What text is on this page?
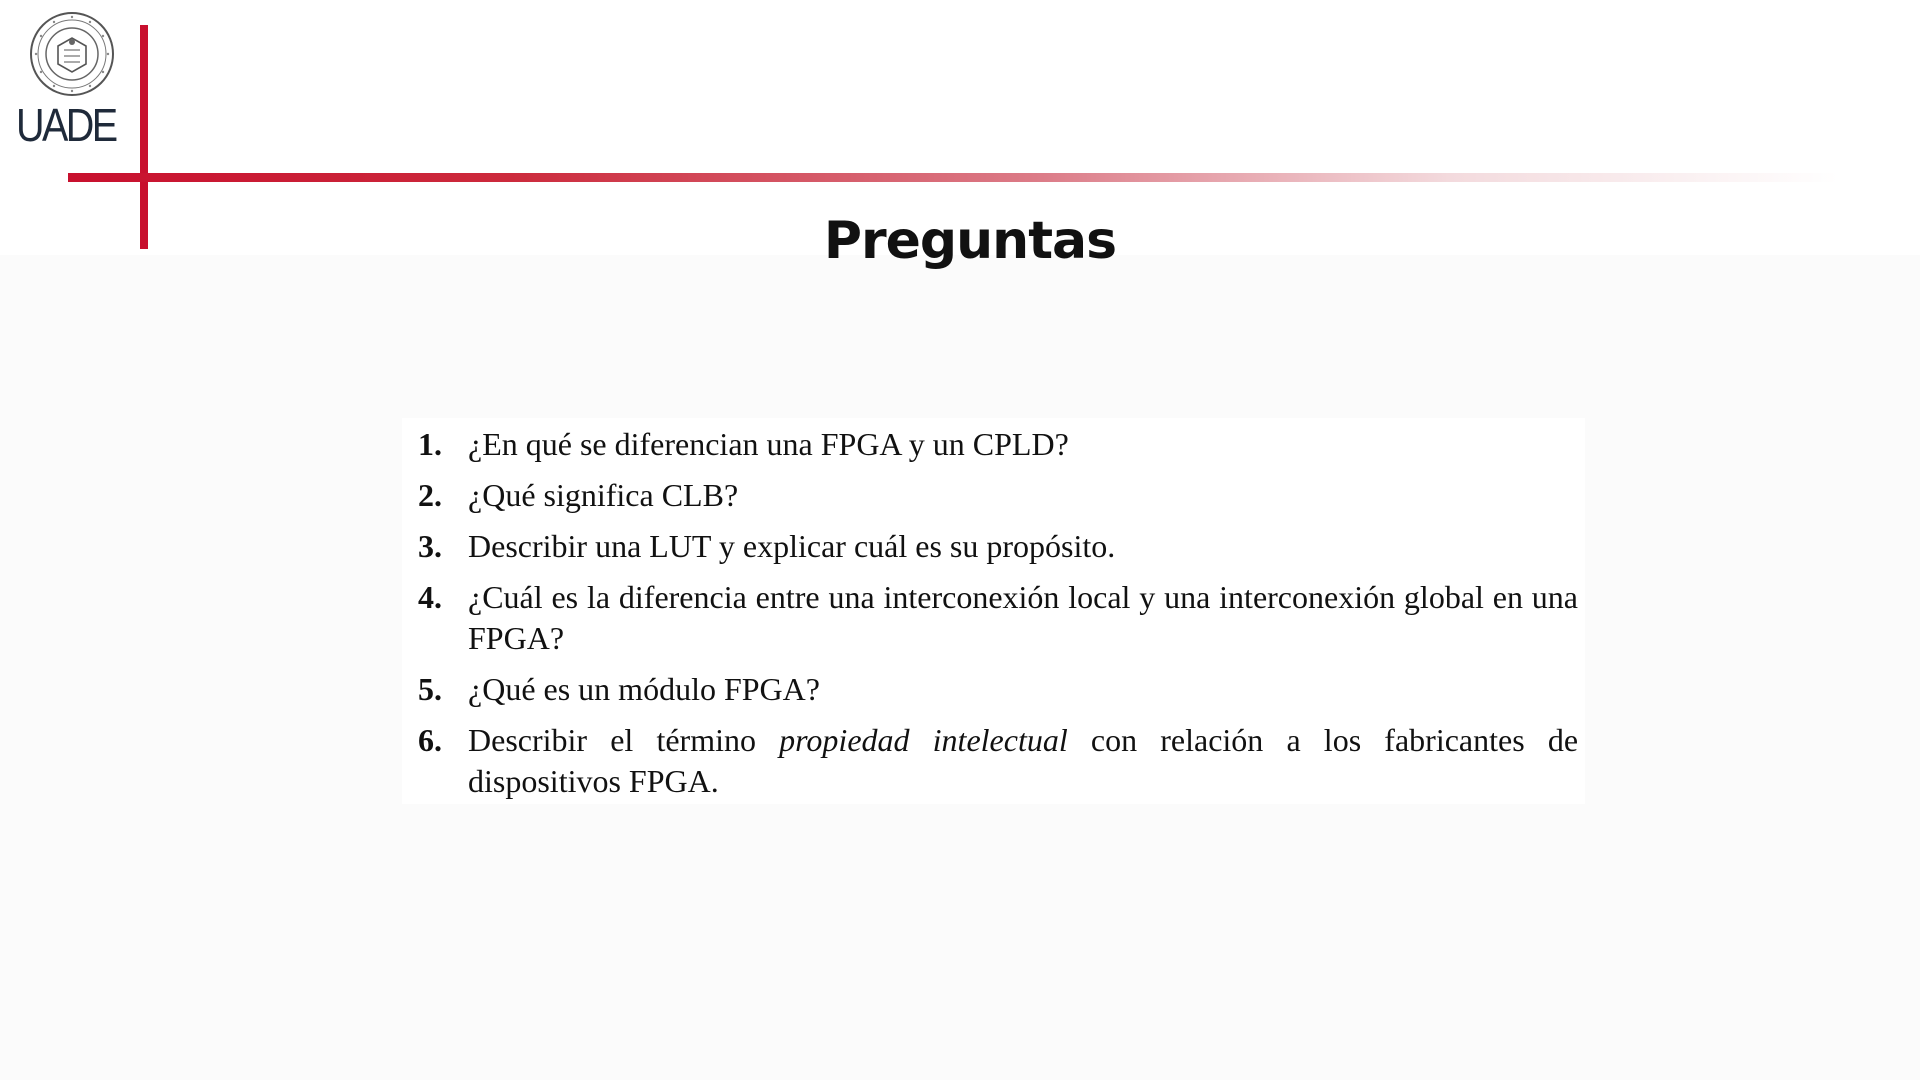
UADE
Preguntas
1. ¿En qué se diferencian una FPGA y un CPLD?
2. ¿Qué significa CLB?
3. Describir una LUT y explicar cuál es su propósito.
4. ¿Cuál es la diferencia entre una interconexión local y una interconexión global en una FPGA?
5. ¿Qué es un módulo FPGA?
6. Describir el término propiedad intelectual con relación a los fabricantes de dispositivos FPGA.
